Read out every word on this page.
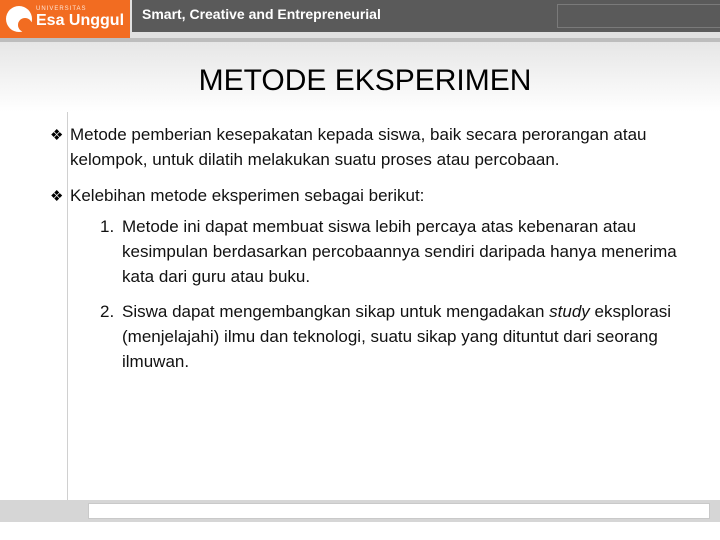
UNIVERSITAS
Esa Unggul Smart, Creative and Entrepreneurial
METODE EKSPERIMEN
❖ Metode pemberian kesepakatan kepada siswa, baik secara perorangan atau kelompok, untuk dilatih melakukan suatu proses atau percobaan.
❖ Kelebihan metode eksperimen sebagai berikut:
1. Metode ini dapat membuat siswa lebih percaya atas kebenaran atau kesimpulan berdasarkan percobaannya sendiri daripada hanya menerima kata dari guru atau buku.
2. Siswa dapat mengembangkan sikap untuk mengadakan study eksplorasi (menjelajahi) ilmu dan teknologi, suatu sikap yang dituntut dari seorang ilmuwan.
